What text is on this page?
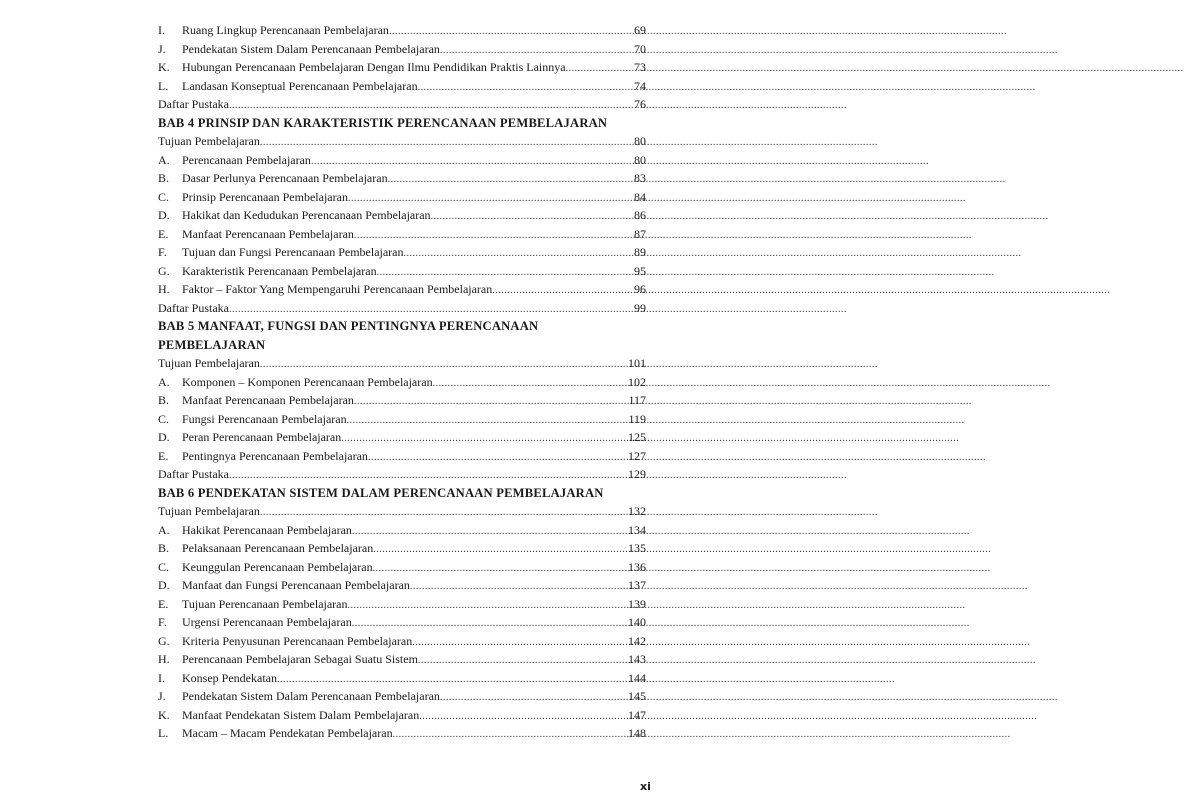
I.	Ruang Lingkup Perencanaan Pembelajaran .....	69
J.	Pendekatan Sistem Dalam Perencanaan Pembelajaran .....	70
K.	Hubungan Perencanaan Pembelajaran Dengan Ilmu Pendidikan Praktis Lainnya .....	73
L.	Landasan Konseptual Perencanaan Pembelajaran .....	74
Daftar Pustaka .....	76
BAB 4 PRINSIP DAN KARAKTERISTIK PERENCANAAN PEMBELAJARAN
Tujuan Pembelajaran .....	80
A.	Perencanaan Pembelajaran .....	80
B.	Dasar Perlunya Perencanaan Pembelajaran .....	83
C.	Prinsip Perencanaan Pembelajaran .....	84
D.	Hakikat dan Kedudukan Perencanaan Pembelajaran .....	86
E.	Manfaat Perencanaan Pembelajaran .....	87
F.	Tujuan dan Fungsi Perencanaan Pembelajaran .....	89
G.	Karakteristik Perencanaan Pembelajaran .....	95
H.	Faktor – Faktor Yang Mempengaruhi Perencanaan Pembelajaran .....	96
Daftar Pustaka .....	99
BAB 5 MANFAAT, FUNGSI DAN PENTINGNYA PERENCANAAN
PEMBELAJARAN
Tujuan Pembelajaran .....	101
A.	Komponen – Komponen Perencanaan Pembelajaran .....	102
B.	Manfaat Perencanaan Pembelajaran .....	117
C.	Fungsi Perencanaan Pembelajaran .....	119
D.	Peran Perencanaan Pembelajaran .....	125
E.	Pentingnya Perencanaan Pembelajaran .....	127
Daftar Pustaka .....	129
BAB 6 PENDEKATAN SISTEM DALAM PERENCANAAN PEMBELAJARAN
Tujuan Pembelajaran .....	132
A.	Hakikat Perencanaan Pembelajaran .....	134
B.	Pelaksanaan Perencanaan Pembelajaran .....	135
C.	Keunggulan Perencanaan Pembelajaran .....	136
D.	Manfaat dan Fungsi Perencanaan Pembelajaran .....	137
E.	Tujuan Perencanaan Pembelajaran .....	139
F.	Urgensi Perencanaan Pembelajaran .....	140
G.	Kriteria Penyusunan Perencanaan Pembelajaran .....	142
H.	Perencanaan Pembelajaran Sebagai Suatu Sistem .....	143
I.	Konsep Pendekatan .....	144
J.	Pendekatan Sistem Dalam Perencanaan Pembelajaran .....	145
K.	Manfaat Pendekatan Sistem Dalam Pembelajaran .....	147
L.	Macam – Macam Pendekatan Pembelajaran .....	148
xi
